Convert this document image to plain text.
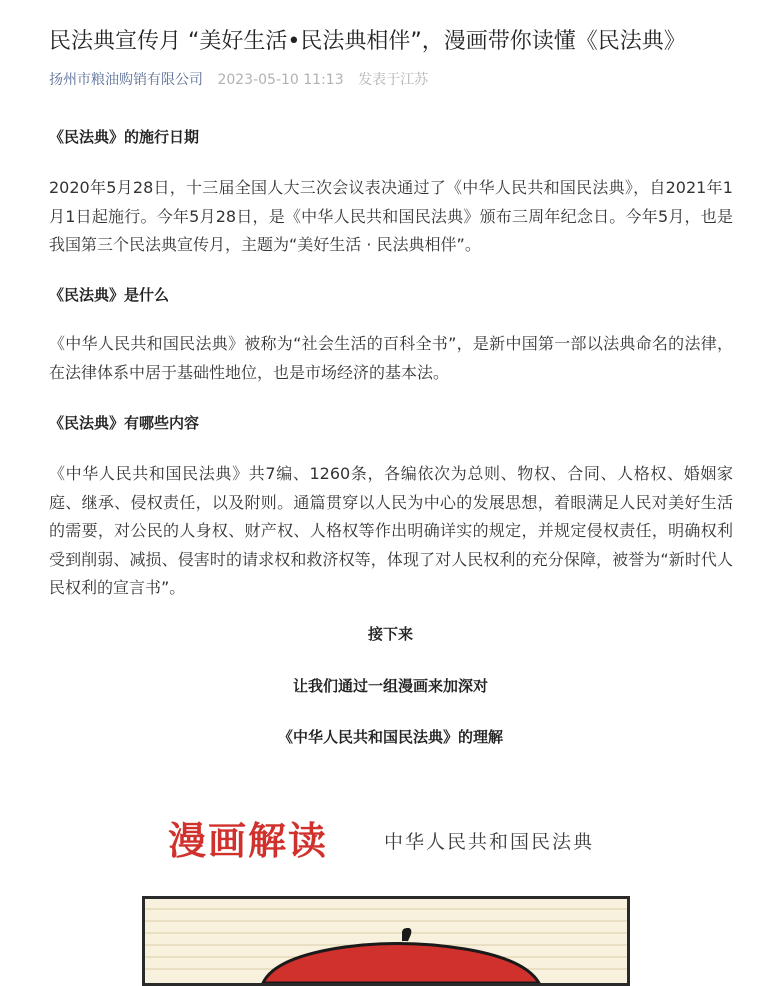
民法典宣传月 “美好生活•民法典相伴”，漫画带你读懂《民法典》
扬州市粮油购销有限公司 2023-05-10 11:13 发表于江苏
《民法典》的施行日期

2020年5月28日，十三届全国人大三次会议表决通过了《中华人民共和国民法典》，自2021年1月1日起施行。今年5月28日，是《中华人民共和国民法典》颁布三周年纪念日。今年5月，也是我国第三个民法典宣传月，主题为“美好生活 · 民法典相伴”。

《民法典》是什么

《中华人民共和国民法典》被称为“社会生活的百科全书”，是新中国第一部以法典命名的法律，在法律体系中居于基础性地位，也是市场经济的基本法。

《民法典》有哪些内容

《中华人民共和国民法典》共7编、1260条，各编依次为总则、物权、合同、人格权、婚姻家庭、继承、侵权责任，以及附则。通篇贯穿以人民为中心的发展思想，着眼满足人民对美好生活的需要，对公民的人身权、财产权、人格权等作出明确详实的规定，并规定侵权责任，明确权利受到削弱、减损、侵害时的请求权和救济权等，体现了对人民权利的充分保障，被誉为“新时代人民权利的宣言书”。

接下来
让我们通过一组漫画来加深对
《中华人民共和国民法典》的理解
漫画解读	中华人民共和国民法典
